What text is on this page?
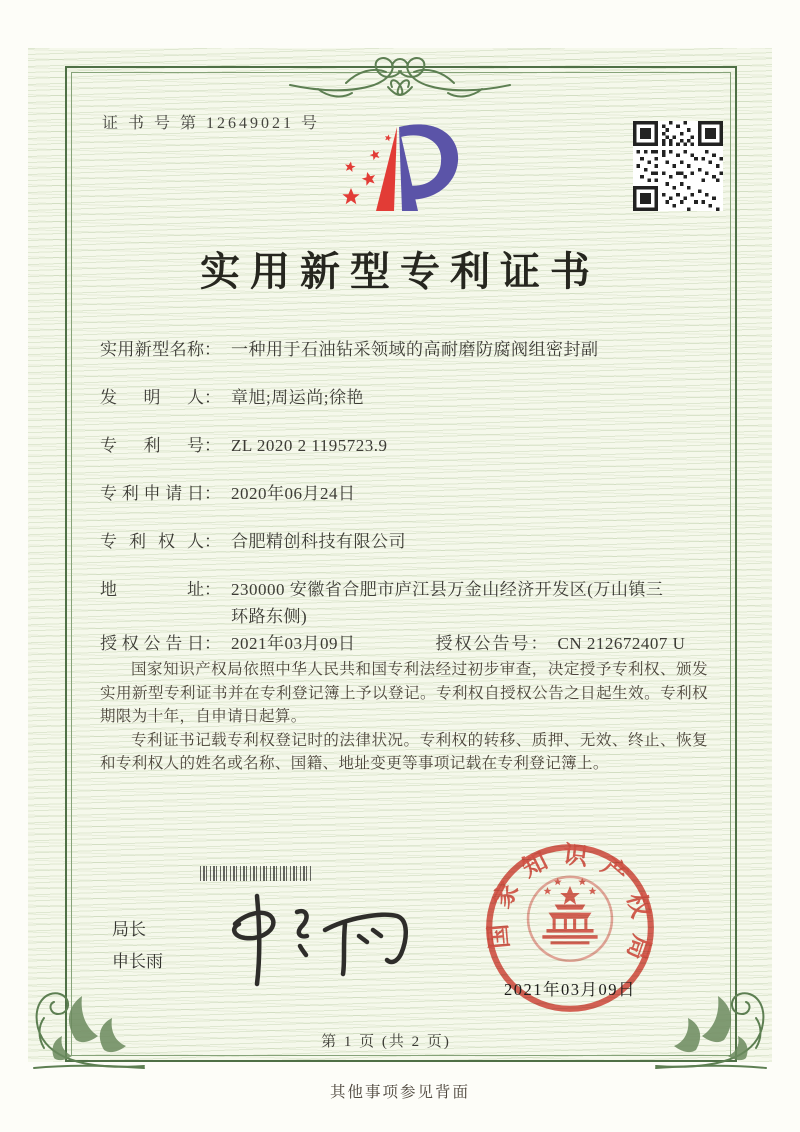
证 书 号 第 12649021 号
实用新型专利证书
实用新型名称 ： 一种用于石油钻采领域的高耐磨防腐阀组密封副
发明人 ： 章旭;周运尚;徐艳
专利号 ： ZL 2020 2 1195723.9
专利申请日 ： 2020年06月24日
专利权人 ： 合肥精创科技有限公司
地址 ： 230000 安徽省合肥市庐江县万金山经济开发区(万山镇三环路东侧)
授权公告日 ： 2021年03月09日	授权公告号 ： CN 212672407 U

国家知识产权局依照中华人民共和国专利法经过初步审查，决定授予专利权、颁发实用新型专利证书并在专利登记簿上予以登记。专利权自授权公告之日起生效。专利权期限为十年，自申请日起算。

专利证书记载专利权登记时的法律状况。专利权的转移、质押、无效、终止、恢复和专利权人的姓名或名称、国籍、地址变更等事项记载在专利登记簿上。

局长
申长雨
国家知识产权局
2021年03月09日
第 1 页 (共 2 页)
其他事项参见背面
